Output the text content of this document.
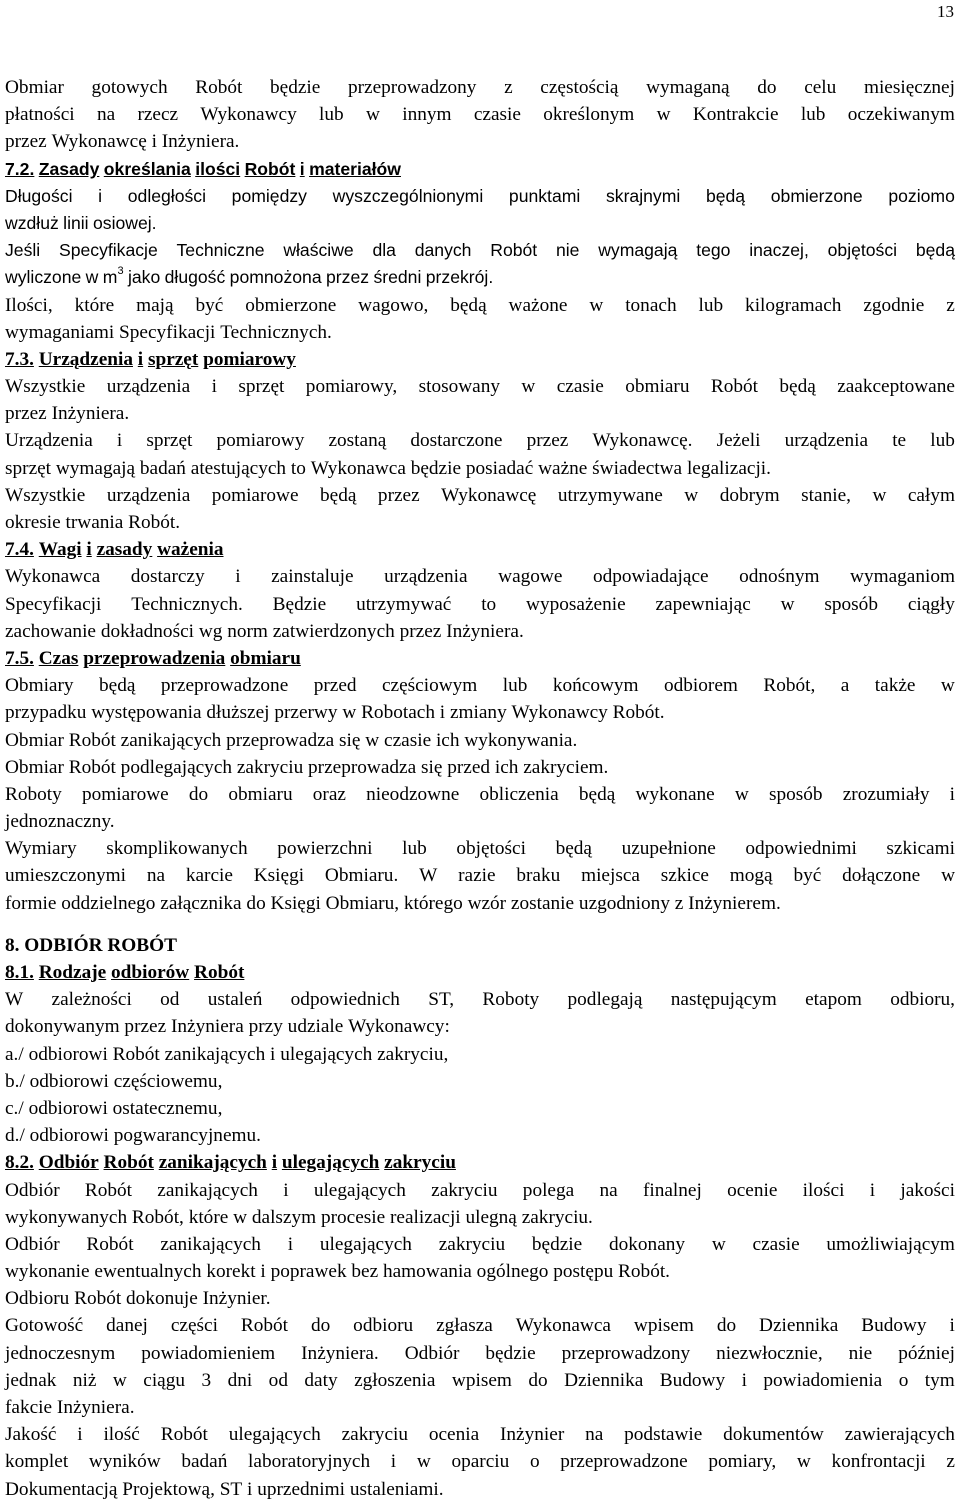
13
Obmiar gotowych Robót będzie przeprowadzony z częstością wymaganą do celu miesięcznej
płatności na rzecz Wykonawcy lub w innym czasie określonym w Kontrakcie lub oczekiwanym
przez Wykonawcę i Inżyniera.
7.2. Zasady określania ilości Robót i materiałów
Długości i odległości pomiędzy wyszczególnionymi punktami skrajnymi będą obmierzone poziomo
wzdłuż linii osiowej.
Jeśli Specyfikacje Techniczne właściwe dla danych Robót nie wymagają tego inaczej, objętości będą
wyliczone w $m^3$ jako długość pomnożona przez średni przekrój.
Ilości, które mają być obmierzone wagowo, będą ważone w tonach lub kilogramach zgodnie z
wymaganiami Specyfikacji Technicznych.
7.3. Urządzenia i sprzęt pomiarowy
Wszystkie urządzenia i sprzęt pomiarowy, stosowany w czasie obmiaru Robót będą zaakceptowane
przez Inżyniera.
Urządzenia i sprzęt pomiarowy zostaną dostarczone przez Wykonawcę. Jeżeli urządzenia te lub
sprzęt wymagają badań atestujących to Wykonawca będzie posiadać ważne świadectwa legalizacji.
Wszystkie urządzenia pomiarowe będą przez Wykonawcę utrzymywane w dobrym stanie, w całym
okresie trwania Robót.
7.4. Wagi i zasady ważenia
Wykonawca dostarczy i zainstaluje urządzenia wagowe odpowiadające odnośnym wymaganiom
Specyfikacji Technicznych. Będzie utrzymywać to wyposażenie zapewniając w sposób ciągły
zachowanie dokładności wg norm zatwierdzonych przez Inżyniera.
7.5. Czas przeprowadzenia obmiaru
Obmiary będą przeprowadzone przed częściowym lub końcowym odbiorem Robót, a także w
przypadku występowania dłuższej przerwy w Robotach i zmiany Wykonawcy Robót.
Obmiar Robót zanikających przeprowadza się w czasie ich wykonywania.
Obmiar Robót podlegających zakryciu przeprowadza się przed ich zakryciem.
Roboty pomiarowe do obmiaru oraz nieodzowne obliczenia będą wykonane w sposób zrozumiały i
jednoznaczny.
Wymiary skomplikowanych powierzchni lub objętości będą uzupełnione odpowiednimi szkicami
umieszczonymi na karcie Księgi Obmiaru. W razie braku miejsca szkice mogą być dołączone w
formie oddzielnego załącznika do Księgi Obmiaru, którego wzór zostanie uzgodniony z Inżynierem.
8. ODBIÓR ROBÓT
8.1. Rodzaje odbiorów Robót
W zależności od ustaleń odpowiednich ST, Roboty podlegają następującym etapom odbioru,
dokonywanym przez Inżyniera przy udziale Wykonawcy:
a./ odbiorowi Robót zanikających i ulegających zakryciu,
b./ odbiorowi częściowemu,
c./ odbiorowi ostatecznemu,
d./ odbiorowi pogwarancyjnemu.
8.2. Odbiór Robót zanikających i ulegających zakryciu
Odbiór Robót zanikających i ulegających zakryciu polega na finalnej ocenie ilości i jakości
wykonywanych Robót, które w dalszym procesie realizacji ulegną zakryciu.
Odbiór Robót zanikających i ulegających zakryciu będzie dokonany w czasie umożliwiającym
wykonanie ewentualnych korekt i poprawek bez hamowania ogólnego postępu Robót.
Odbioru Robót dokonuje Inżynier.
Gotowość danej części Robót do odbioru zgłasza Wykonawca wpisem do Dziennika Budowy i
jednoczesnym powiadomieniem Inżyniera. Odbiór będzie przeprowadzony niezwłocznie, nie później
jednak niż w ciągu 3 dni od daty zgłoszenia wpisem do Dziennika Budowy i powiadomienia o tym
fakcie Inżyniera.
Jakość i ilość Robót ulegających zakryciu ocenia Inżynier na podstawie dokumentów zawierających
komplet wyników badań laboratoryjnych i w oparciu o przeprowadzone pomiary, w konfrontacji z
Dokumentacją Projektową, ST i uprzednimi ustaleniami.
